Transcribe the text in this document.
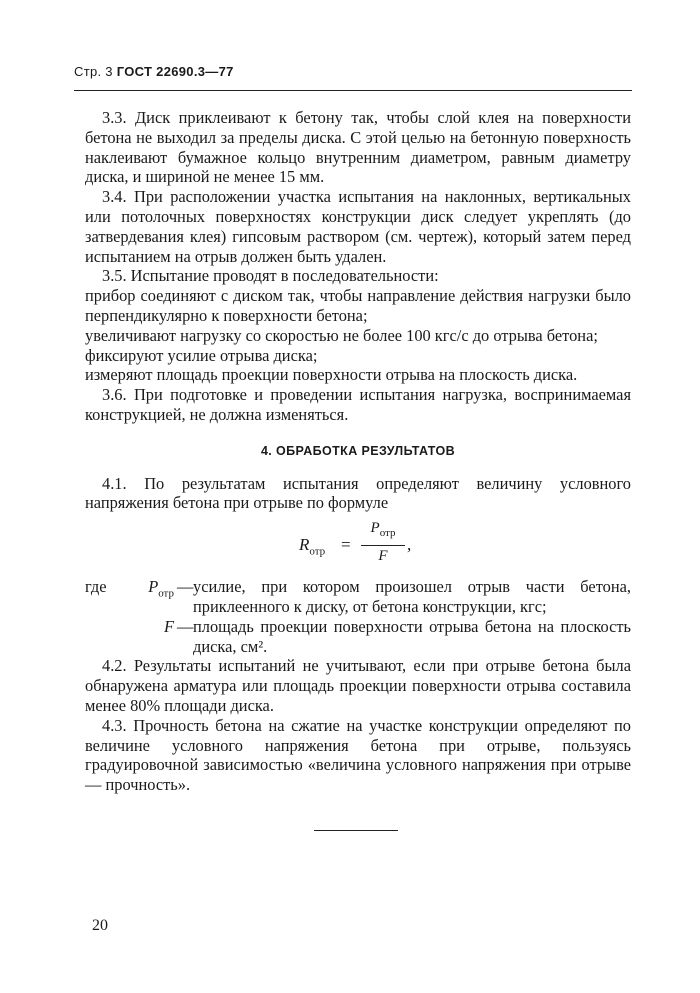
Стр. 3 ГОСТ 22690.3—77

3.3. Диск приклеивают к бетону так, чтобы слой клея на поверхности бетона не выходил за пределы диска. С этой целью на бетонную поверхность наклеивают бумажное кольцо внутренним диаметром, равным диаметру диска, и шириной не менее 15 мм.

3.4. При расположении участка испытания на наклонных, вертикальных или потолочных поверхностях конструкции диск следует укреплять (до затвердевания клея) гипсовым раствором (см. чертеж), который затем перед испытанием на отрыв должен быть удален.

3.5. Испытание проводят в последовательности:

прибор соединяют с диском так, чтобы направление действия нагрузки было перпендикулярно к поверхности бетона;

увеличивают нагрузку со скоростью не более 100 кгс/с до отрыва бетона;

фиксируют усилие отрыва диска;

измеряют площадь проекции поверхности отрыва на плоскость диска.

3.6. При подготовке и проведении испытания нагрузка, воспринимаемая конструкцией, не должна изменяться.

4. ОБРАБОТКА РЕЗУЛЬТАТОВ

4.1. По результатам испытания определяют величину условного напряжения бетона при отрыве по формуле

$R_{отр}$ =
$P_{отр}$
F
,
где	$P_{отр}$ — усилие, при котором произошел отрыв части бетона, приклеенного к диску, от бетона конструкции, кгс;
F — площадь проекции поверхности отрыва бетона на плоскость диска, см².

4.2. Результаты испытаний не учитывают, если при отрыве бетона была обнаружена арматура или площадь проекции поверхности отрыва составила менее 80% площади диска.

4.3. Прочность бетона на сжатие на участке конструкции определяют по величине условного напряжения бетона при отрыве, пользуясь градуировочной зависимостью «величина условного напряжения при отрыве — прочность».

20
